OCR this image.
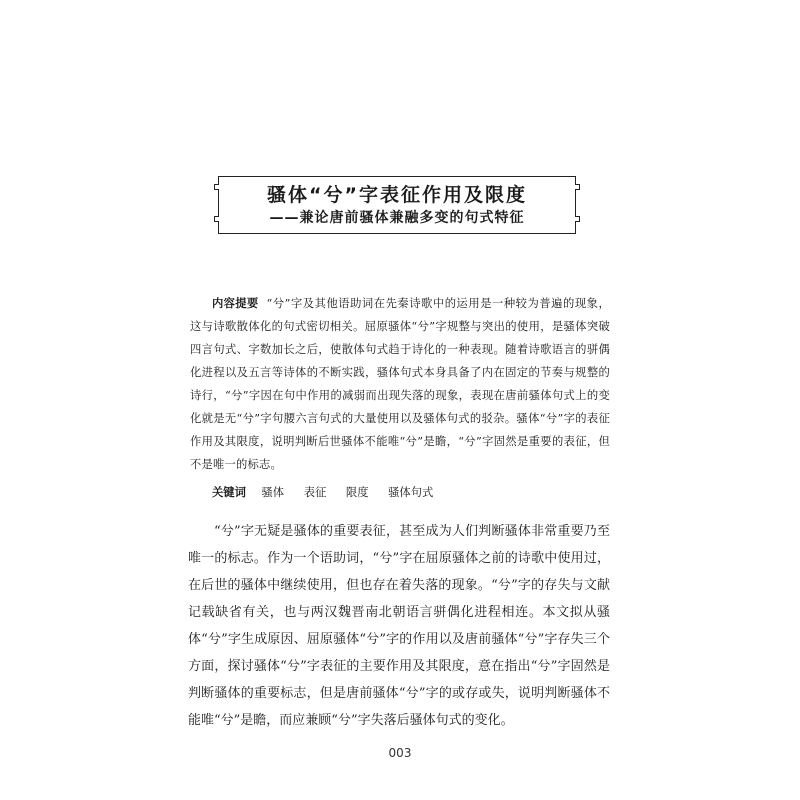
骚体“兮”字表征作用及限度
——兼论唐前骚体兼融多变的句式特征
内容提要 “兮”字及其他语助词在先秦诗歌中的运用是一种较为普遍的现象，这与诗歌散体化的句式密切相关。屈原骚体“兮”字规整与突出的使用，是骚体突破四言句式、字数加长之后，使散体句式趋于诗化的一种表现。随着诗歌语言的骈偶化进程以及五言等诗体的不断实践，骚体句式本身具备了内在固定的节奏与规整的诗行，“兮”字因在句中作用的减弱而出现失落的现象，表现在唐前骚体句式上的变化就是无“兮”字句腰六言句式的大量使用以及骚体句式的驳杂。骚体“兮”字的表征作用及其限度，说明判断后世骚体不能唯“兮”是瞻，“兮”字固然是重要的表征，但不是唯一的标志。
关键词 骚体 表征 限度 骚体句式
“兮”字无疑是骚体的重要表征，甚至成为人们判断骚体非常重要乃至唯一的标志。作为一个语助词，“兮”字在屈原骚体之前的诗歌中使用过，在后世的骚体中继续使用，但也存在着失落的现象。“兮”字的存失与文献记载缺省有关，也与两汉魏晋南北朝语言骈偶化进程相连。本文拟从骚体“兮”字生成原因、屈原骚体“兮”字的作用以及唐前骚体“兮”字存失三个方面，探讨骚体“兮”字表征的主要作用及其限度，意在指出“兮”字固然是判断骚体的重要标志，但是唐前骚体“兮”字的或存或失，说明判断骚体不能唯“兮”是瞻，而应兼顾“兮”字失落后骚体句式的变化。
003
